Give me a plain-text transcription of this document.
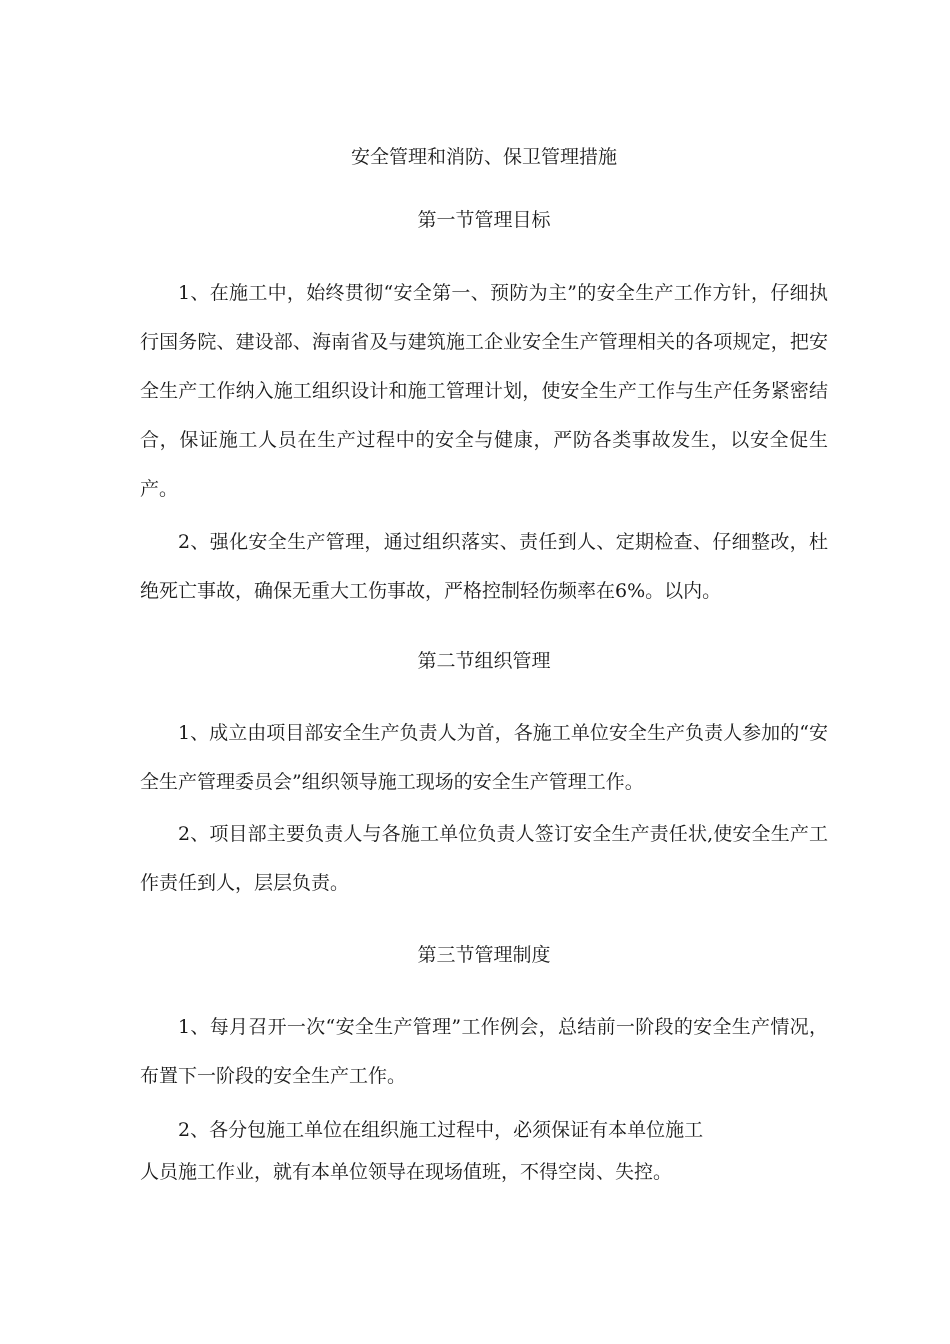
安全管理和消防、保卫管理措施
第一节管理目标

1、在施工中，始终贯彻“安全第一、预防为主”的安全生产工作方针，仔细执行国务院、建设部、海南省及与建筑施工企业安全生产管理相关的各项规定，把安全生产工作纳入施工组织设计和施工管理计划，使安全生产工作与生产任务紧密结合，保证施工人员在生产过程中的安全与健康，严防各类事故发生，以安全促生产。

2、强化安全生产管理，通过组织落实、责任到人、定期检查、仔细整改，杜绝死亡事故，确保无重大工伤事故，严格控制轻伤频率在6%。以内。

第二节组织管理

1、成立由项目部安全生产负责人为首，各施工单位安全生产负责人参加的“安全生产管理委员会”组织领导施工现场的安全生产管理工作。

2、项目部主要负责人与各施工单位负责人签订安全生产责任状,使安全生产工作责任到人，层层负责。

第三节管理制度

1、每月召开一次“安全生产管理”工作例会，总结前一阶段的安全生产情况，布置下一阶段的安全生产工作。

2、各分包施工单位在组织施工过程中，必须保证有本单位施工

人员施工作业，就有本单位领导在现场值班，不得空岗、失控。
